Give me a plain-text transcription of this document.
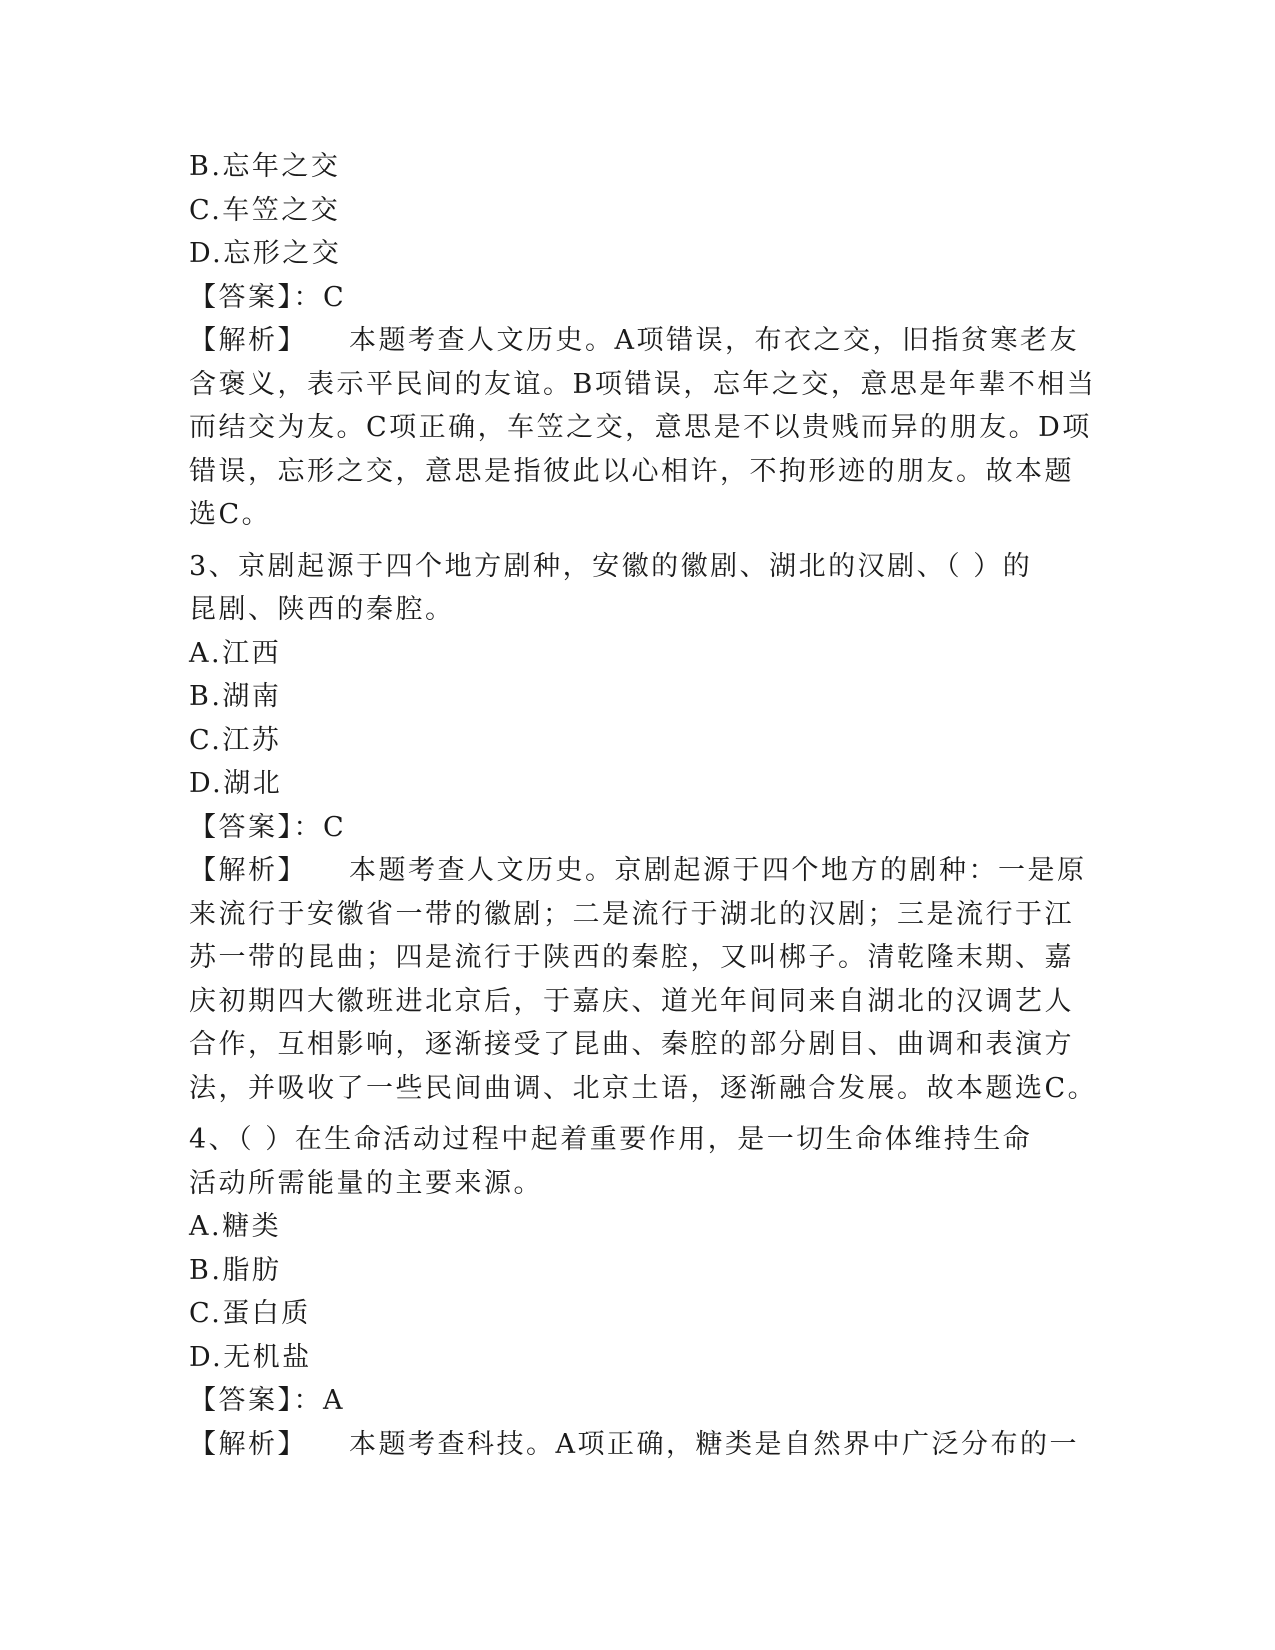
B.忘年之交
C.车笠之交
D.忘形之交
【答案】：C
【解析】 本题考查人文历史。A项错误，布衣之交，旧指贫寒老友
含褒义，表示平民间的友谊。B项错误，忘年之交，意思是年辈不相当
而结交为友。C项正确，车笠之交，意思是不以贵贱而异的朋友。D项
错误，忘形之交，意思是指彼此以心相许，不拘形迹的朋友。故本题
选C。
3、京剧起源于四个地方剧种，安徽的徽剧、湖北的汉剧、（ ）的
昆剧、陕西的秦腔。
A.江西
B.湖南
C.江苏
D.湖北
【答案】：C
【解析】 本题考查人文历史。京剧起源于四个地方的剧种：一是原
来流行于安徽省一带的徽剧；二是流行于湖北的汉剧；三是流行于江
苏一带的昆曲；四是流行于陕西的秦腔，又叫梆子。清乾隆末期、嘉
庆初期四大徽班进北京后，于嘉庆、道光年间同来自湖北的汉调艺人
合作，互相影响，逐渐接受了昆曲、秦腔的部分剧目、曲调和表演方
法，并吸收了一些民间曲调、北京土语，逐渐融合发展。故本题选C。
4、（ ）在生命活动过程中起着重要作用，是一切生命体维持生命
活动所需能量的主要来源。
A.糖类
B.脂肪
C.蛋白质
D.无机盐
【答案】：A
【解析】 本题考查科技。A项正确，糖类是自然界中广泛分布的一
